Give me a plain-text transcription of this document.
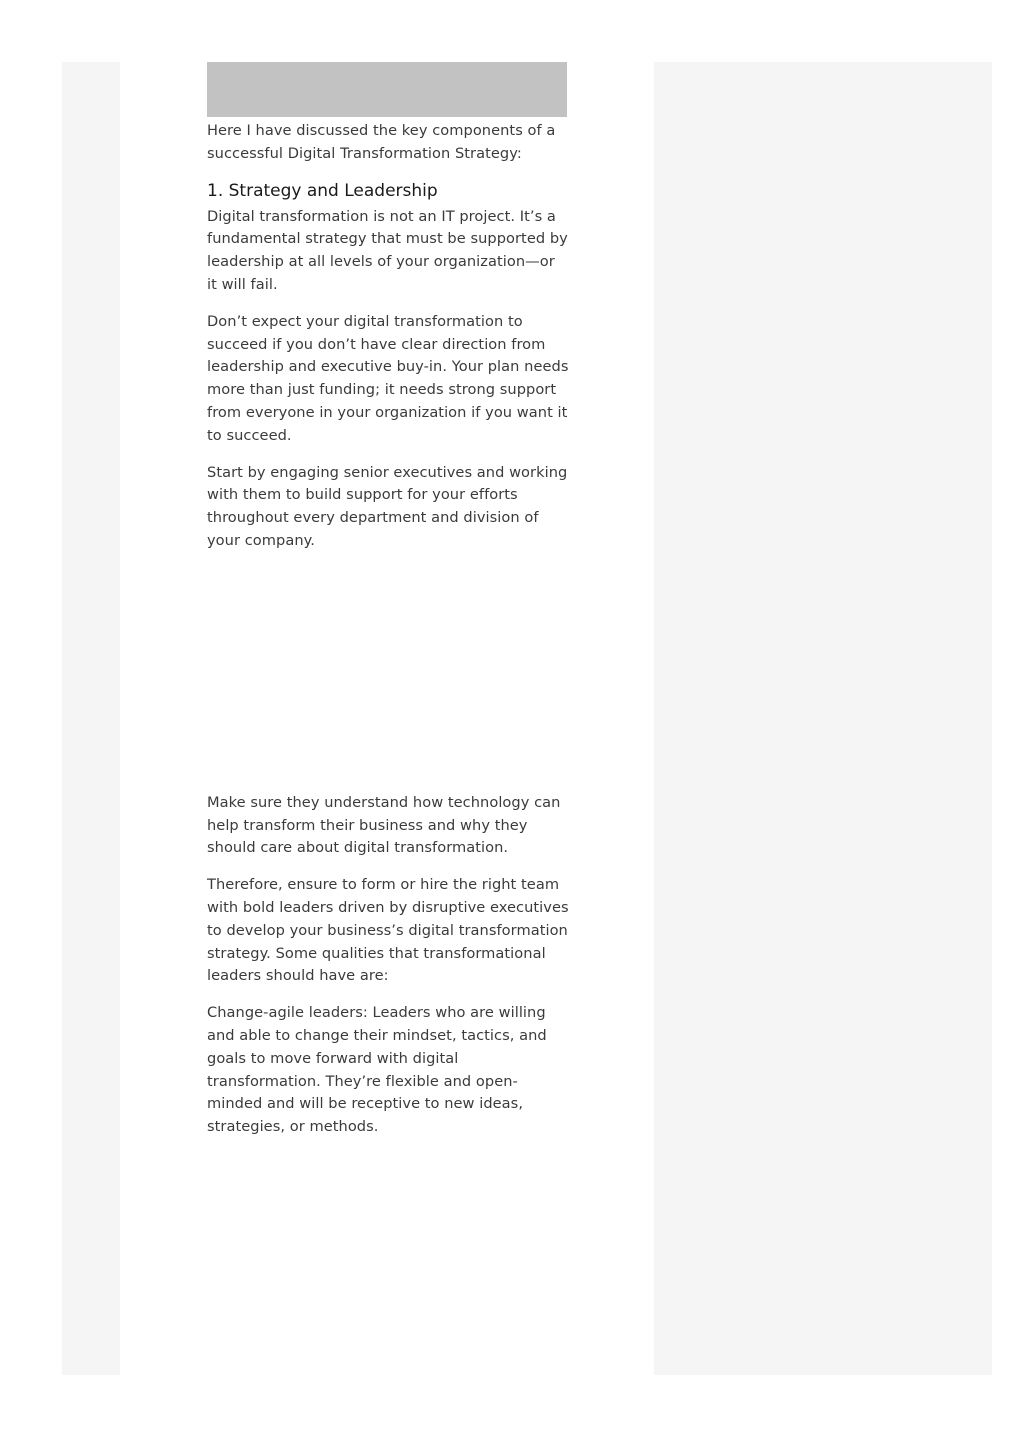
Here I have discussed the key components of a successful Digital Transformation Strategy:

1. Strategy and Leadership

Digital transformation is not an IT project. It’s a fundamental strategy that must be supported by leadership at all levels of your organization—or it will fail.

Don’t expect your digital transformation to succeed if you don’t have clear direction from leadership and executive buy-in. Your plan needs more than just funding; it needs strong support from everyone in your organization if you want it to succeed.

Start by engaging senior executives and working with them to build support for your efforts throughout every department and division of your company.

Make sure they understand how technology can help transform their business and why they should care about digital transformation.

Therefore, ensure to form or hire the right team with bold leaders driven by disruptive executives to develop your business’s digital transformation strategy. Some qualities that transformational leaders should have are:

Change-agile leaders: Leaders who are willing and able to change their mindset, tactics, and goals to move forward with digital transformation. They’re flexible and open-minded and will be receptive to new ideas, strategies, or methods.
